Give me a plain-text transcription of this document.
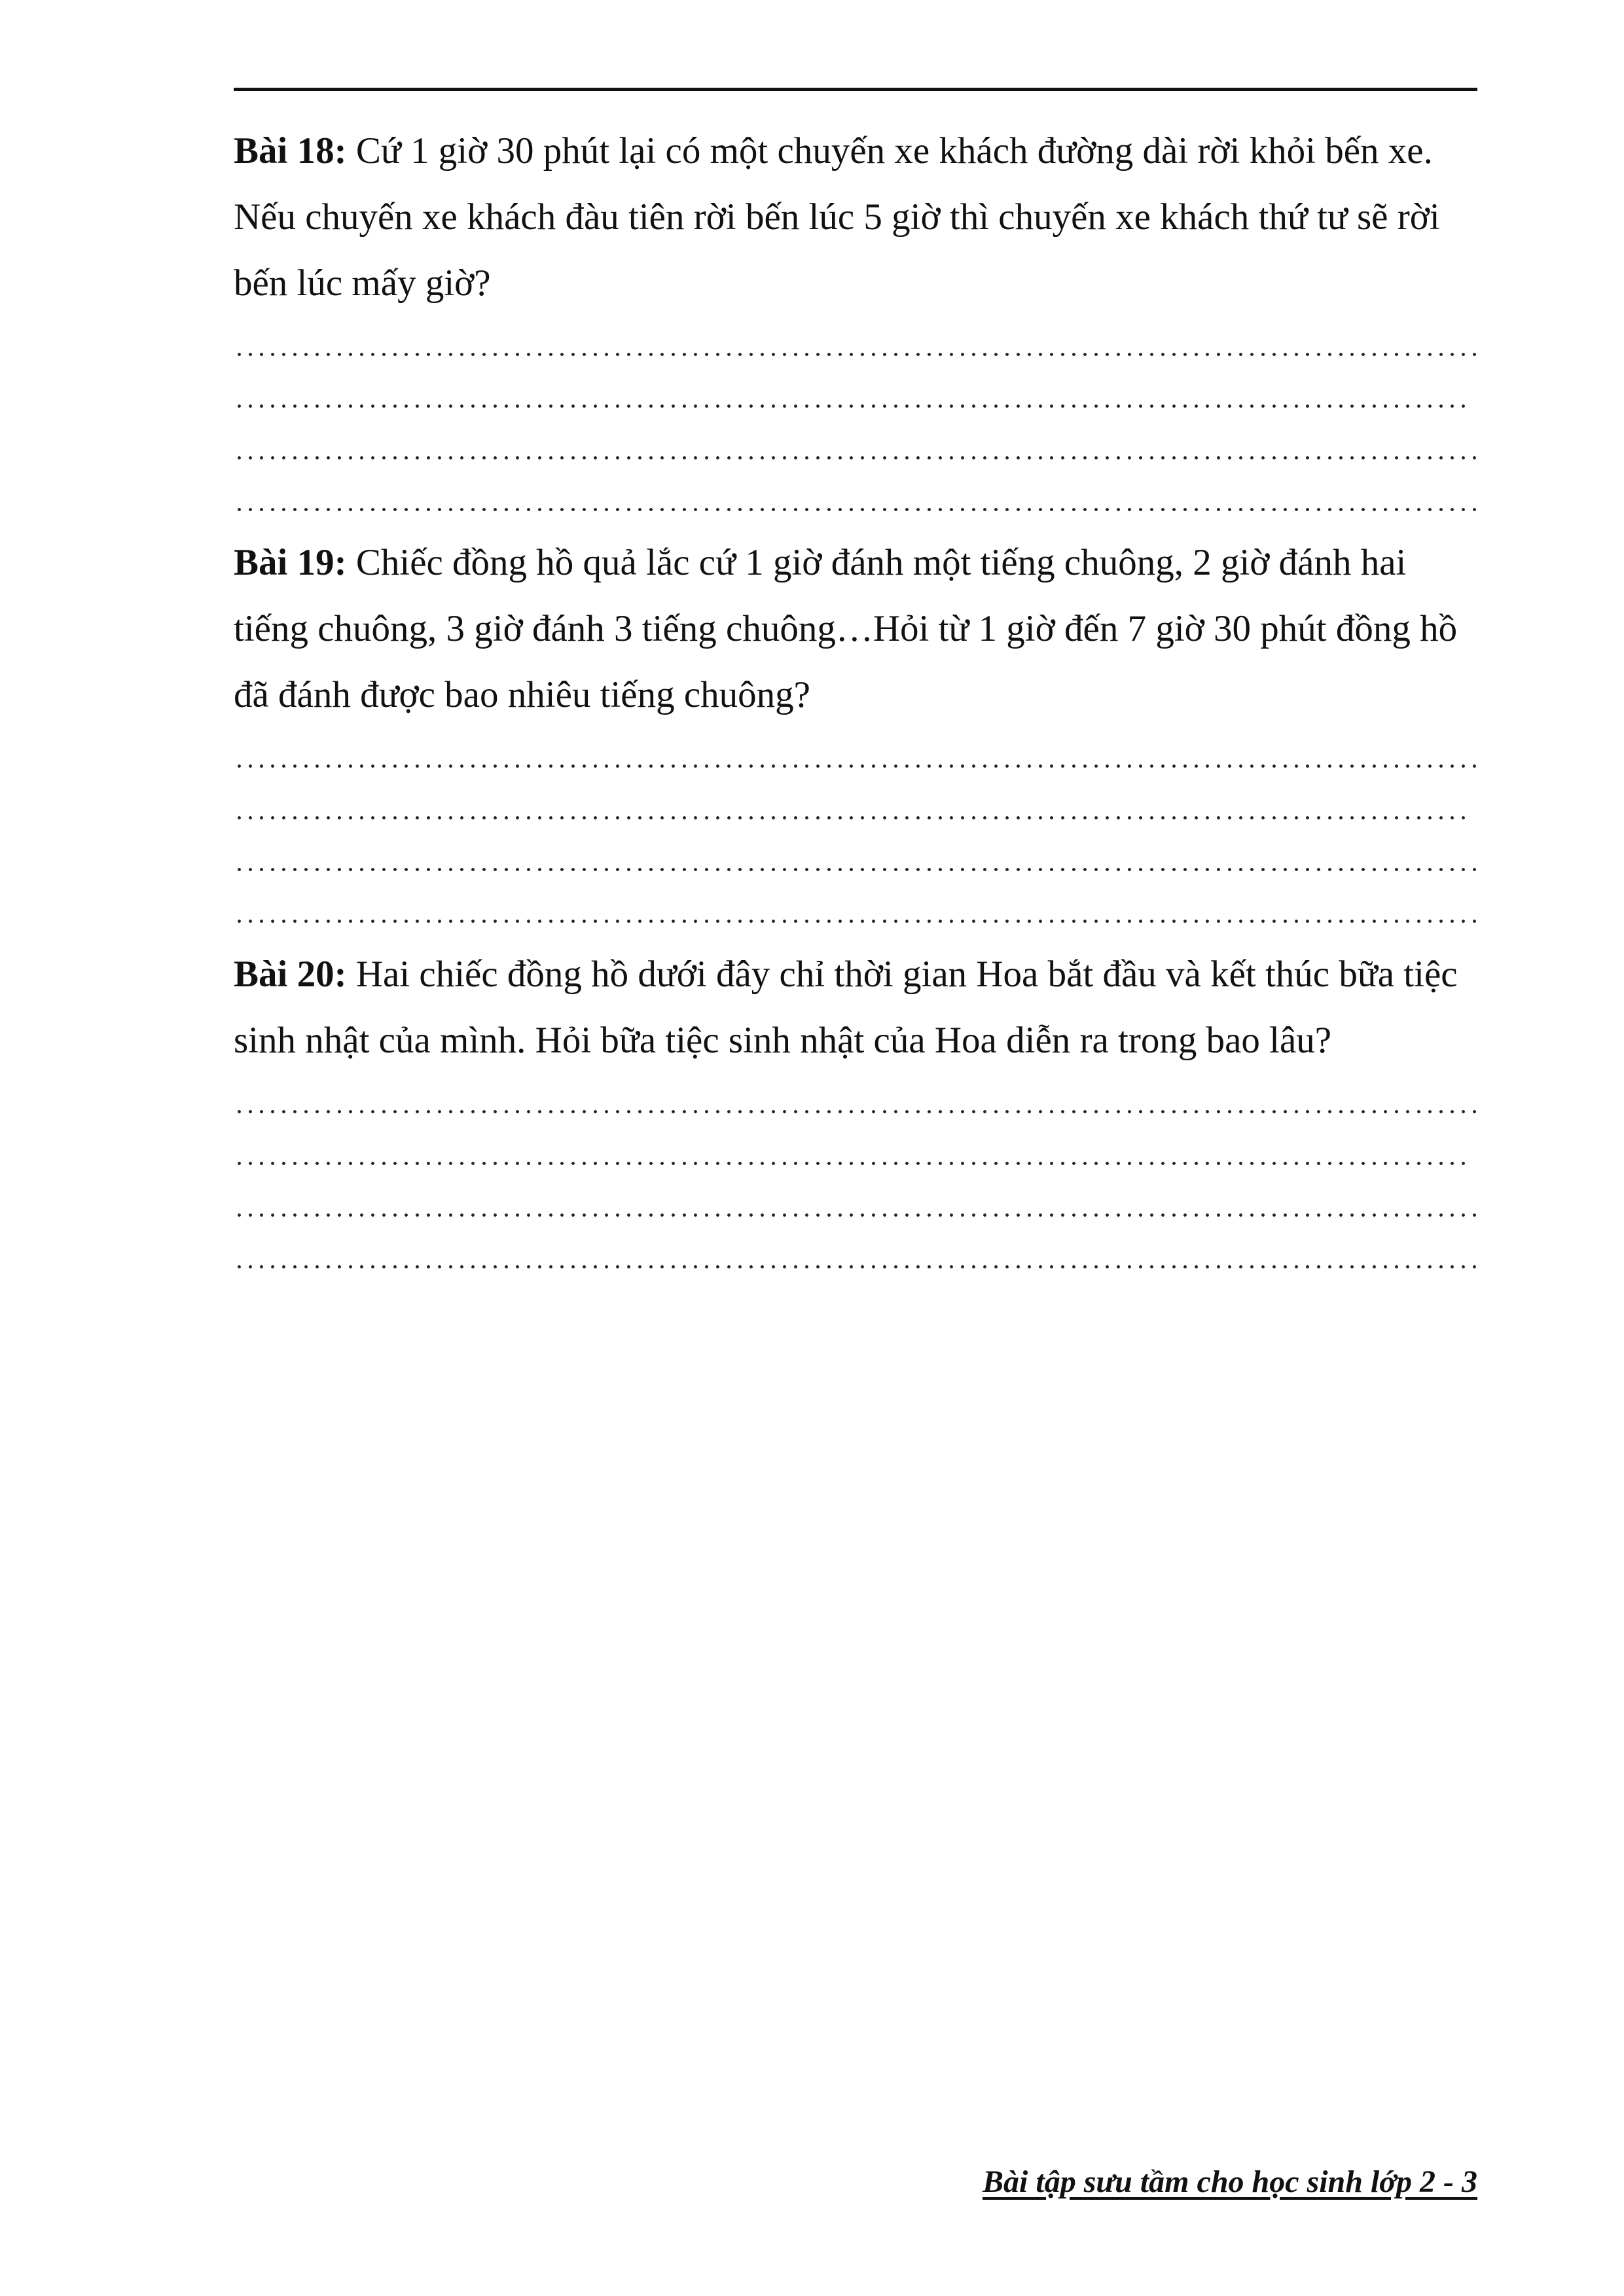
Bài 18: Cứ 1 giờ 30 phút lại có một chuyến xe khách đường dài rời khỏi bến xe. Nếu chuyến xe khách đàu tiên rời bến lúc 5 giờ thì chuyến xe khách thứ tư sẽ rời bến lúc mấy giờ?

Bài 19: Chiếc đồng hồ quả lắc cứ 1 giờ đánh một tiếng chuông, 2 giờ đánh hai tiếng chuông, 3 giờ đánh 3 tiếng chuông…Hỏi từ 1 giờ đến 7 giờ 30 phút đồng hồ đã đánh được bao nhiêu tiếng chuông?

Bài 20: Hai chiếc đồng hồ dưới đây chỉ thời gian Hoa bắt đầu và kết thúc bữa tiệc sinh nhật của mình. Hỏi bữa tiệc sinh nhật của Hoa diễn ra trong bao lâu?

Bài tập sưu tầm cho học sinh lớp 2 - 3
